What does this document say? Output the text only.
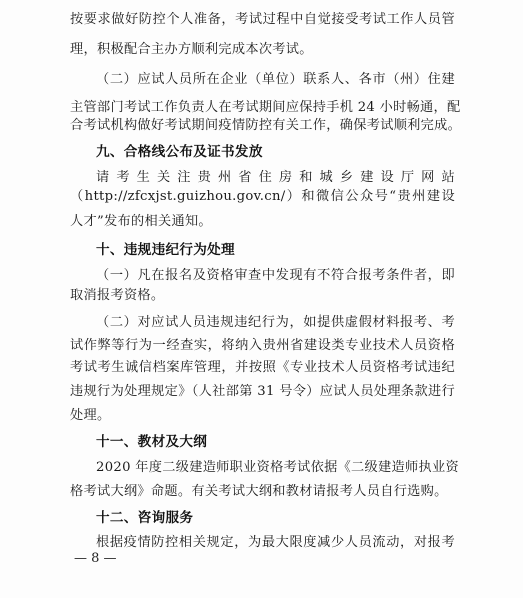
按要求做好防控个人准备，考试过程中自觉接受考试工作人员管
理，积极配合主办方顺利完成本次考试。
（二）应试人员所在企业（单位）联系人、各市（州）住建
主管部门考试工作负责人在考试期间应保持手机 24 小时畅通，配
合考试机构做好考试期间疫情防控有关工作，确保考试顺利完成。
九、合格线公布及证书发放
请考生关注贵州省住房和城乡建设厅网站
（http://zfcxjst.guizhou.gov.cn/）和微信公众号“贵州建设
人才”发布的相关通知。
十、违规违纪行为处理
（一）凡在报名及资格审查中发现有不符合报考条件者，即
取消报考资格。
（二）对应试人员违规违纪行为，如提供虚假材料报考、考
试作弊等行为一经查实，将纳入贵州省建设类专业技术人员资格
考试考生诚信档案库管理，并按照《专业技术人员资格考试违纪
违规行为处理规定》（人社部第 31 号令）应试人员处理条款进行
处理。
十一、教材及大纲
2020 年度二级建造师职业资格考试依据《二级建造师执业资
格考试大纲》命题。有关考试大纲和教材请报考人员自行选购。
十二、咨询服务
根据疫情防控相关规定，为最大限度减少人员流动，对报考
— 8 —
